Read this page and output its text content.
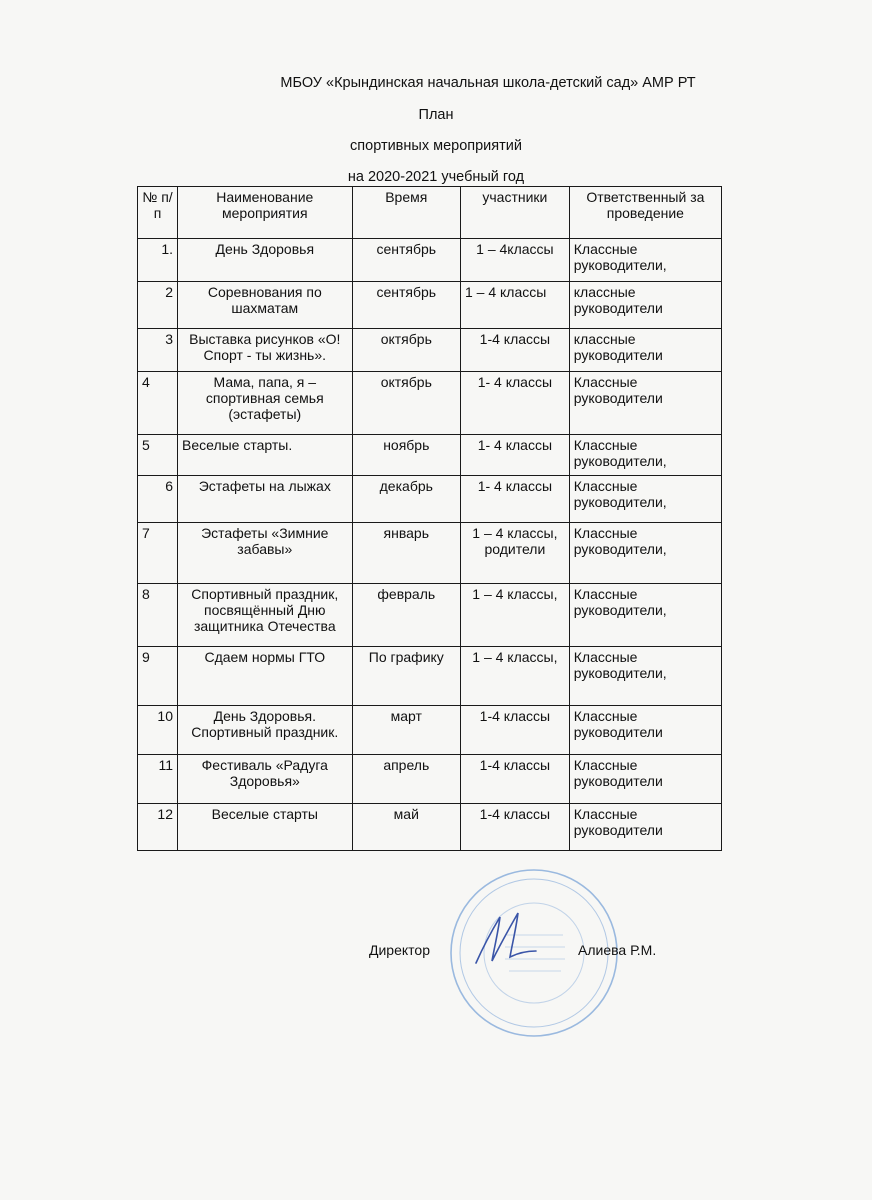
МБОУ «Крындинская начальная школа-детский сад» АМР РТ
План
спортивных мероприятий
на 2020-2021 учебный год
№ п/п	Наименование мероприятия	Время	участники	Ответственный за проведение
1.	День Здоровья	сентябрь	1 – 4классы	Классные руководители,
2	Соревнования по шахматам	сентябрь	1 – 4 классы	классные руководители
3	Выставка рисунков «О! Спорт - ты жизнь».	октябрь	1-4 классы	классные руководители
4	Мама, папа, я – спортивная семья (эстафеты)	октябрь	1- 4 классы	Классные руководители
5	Веселые старты.	ноябрь	1- 4 классы	Классные руководители,
6	Эстафеты на лыжах	декабрь	1- 4 классы	Классные руководители,
7	Эстафеты «Зимние забавы»	январь	1 – 4 классы, родители	Классные руководители,
8	Спортивный праздник, посвящённый Дню защитника Отечества	февраль	1 – 4 классы,	Классные руководители,
9	Сдаем нормы ГТО	По графику	1 – 4 классы,	Классные руководители,
10	День Здоровья. Спортивный праздник.	март	1-4 классы	Классные руководители
11	Фестиваль «Радуга Здоровья»	апрель	1-4 классы	Классные руководители
12	Веселые старты	май	1-4 классы	Классные руководители
Директор	Алиева Р.М.
